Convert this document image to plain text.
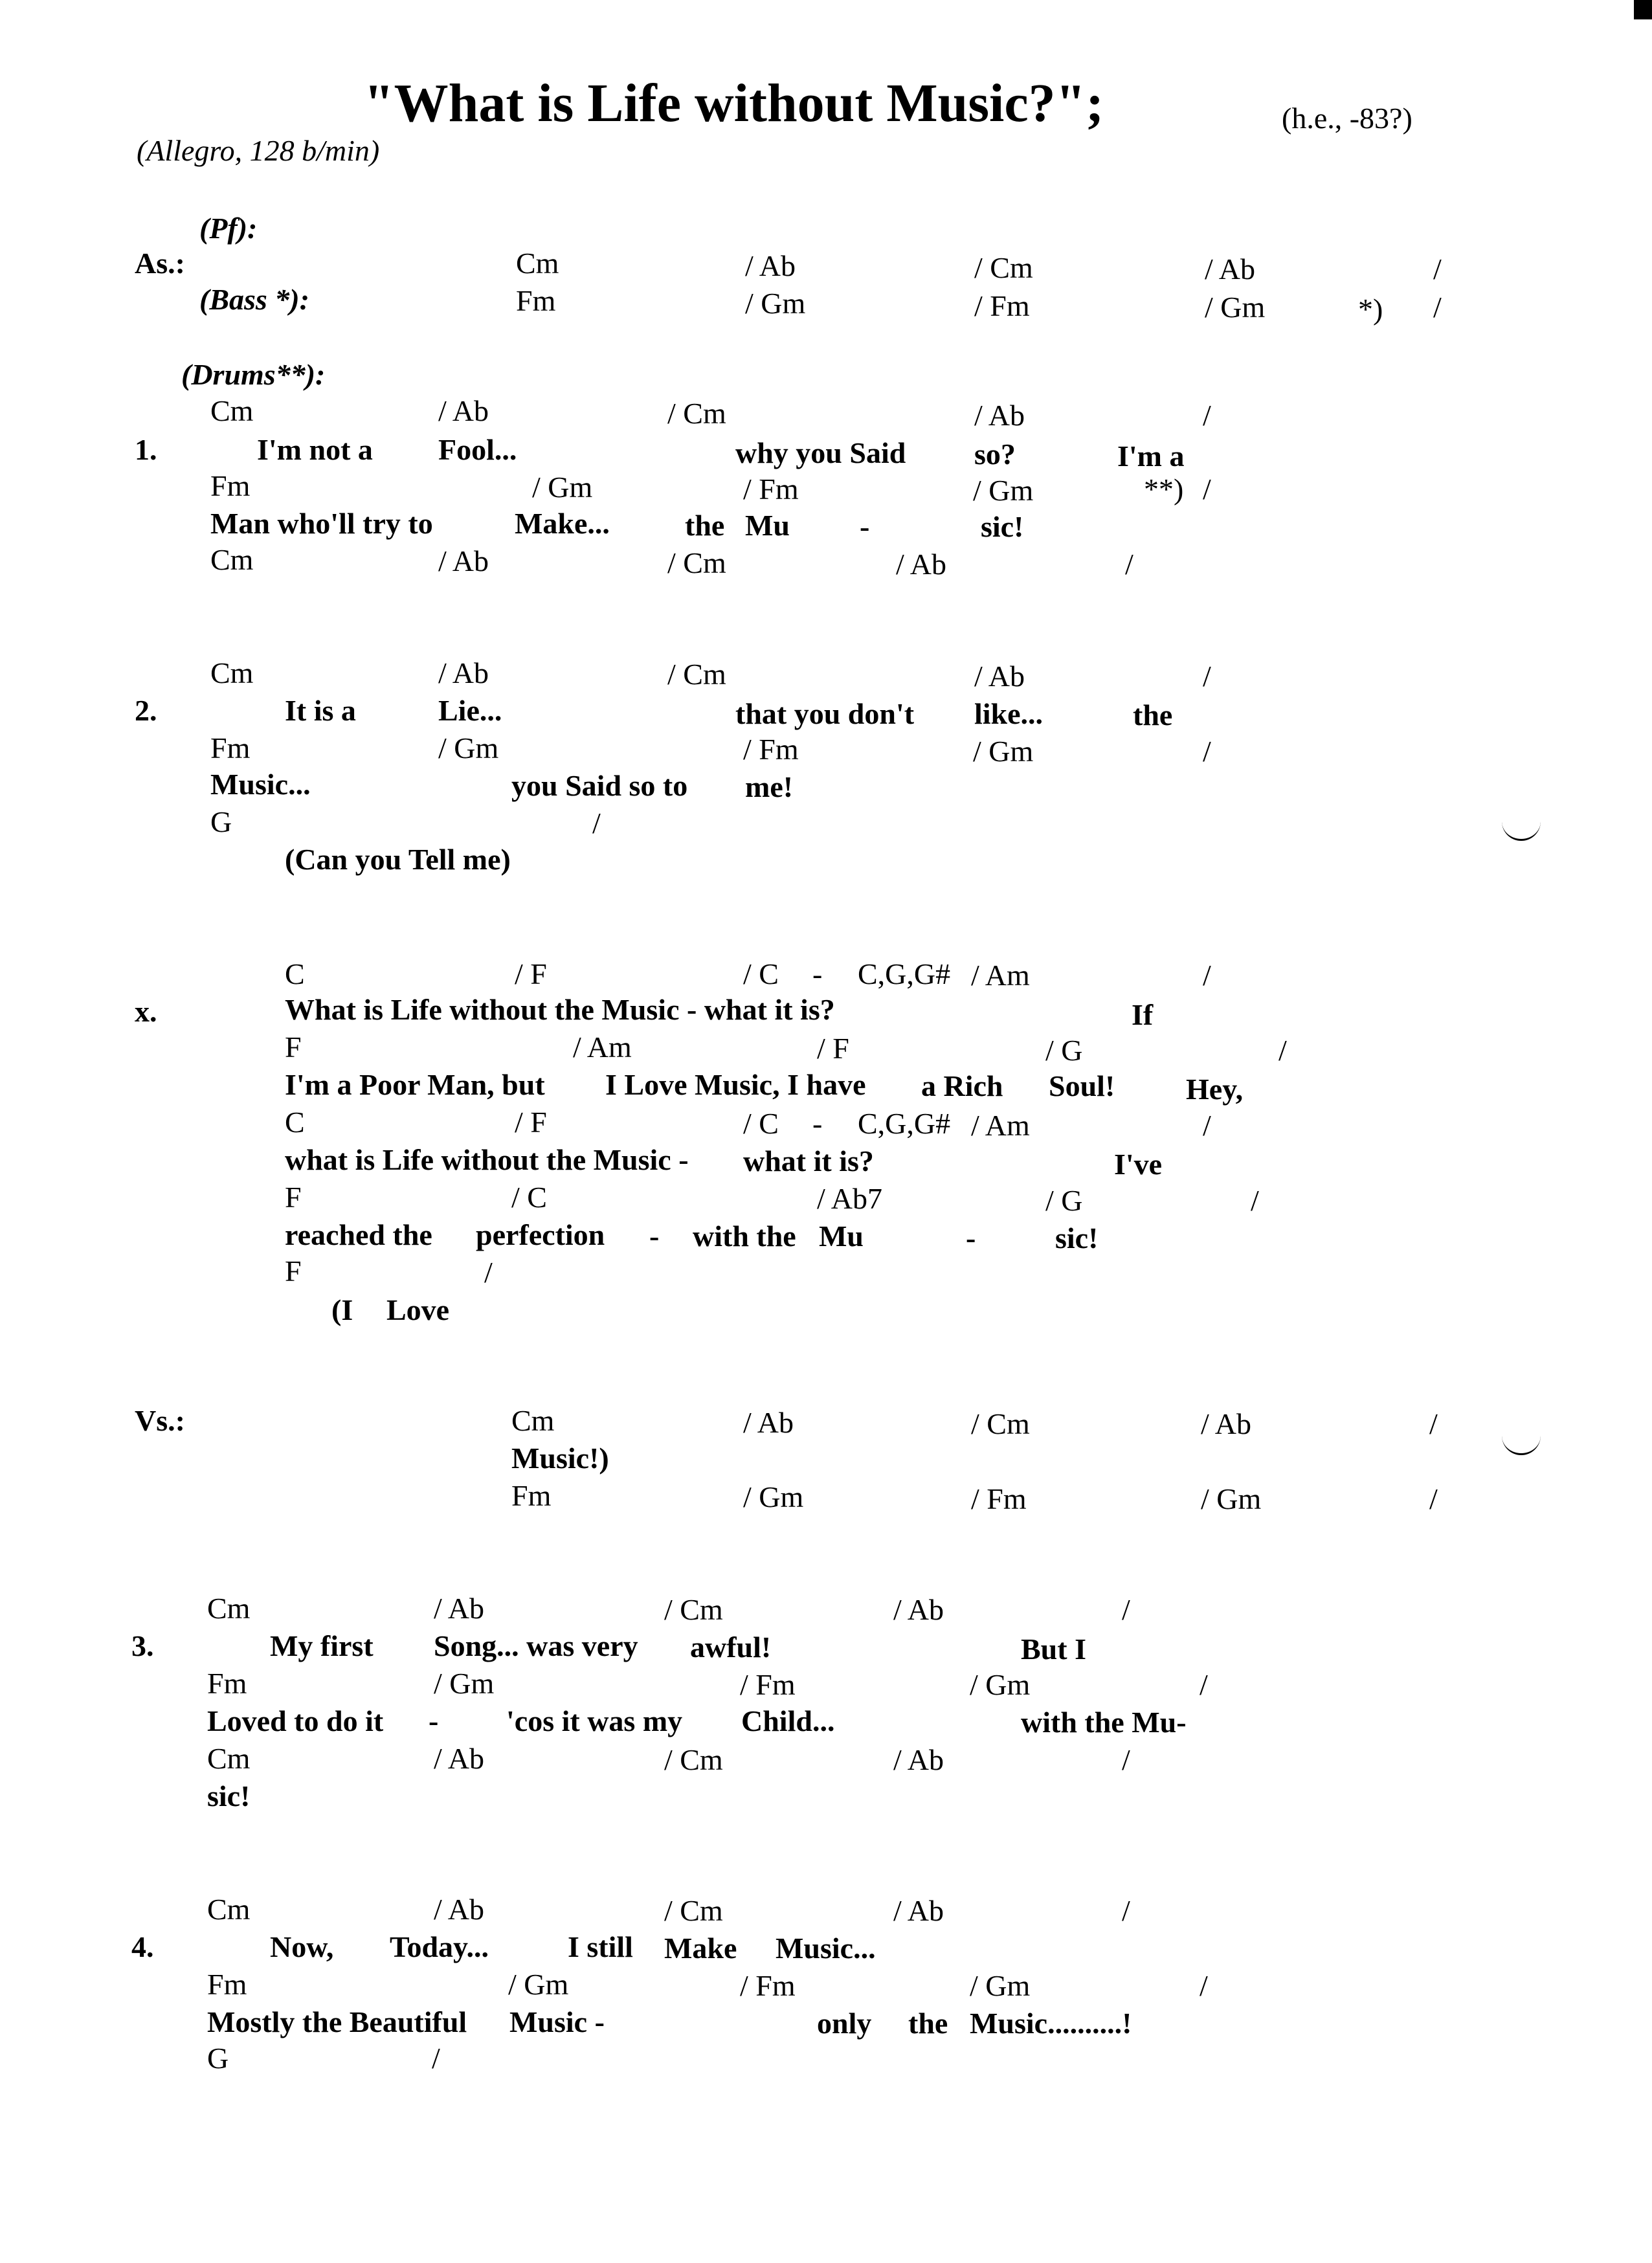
"What is Life without Music?";
(Allegro, 128 b/min)
(h.e., -83?)
(Pf):
As.:	Cm	/ Ab	/ Cm	/ Ab	/
(Bass *):	Fm	/ Gm	/ Fm	/ Gm	*) /
(Drums**):
Cm	/ Ab	/ Cm	/ Ab	/
1.	I'm not a Fool...	why you Said so?	I'm a
Fm	/ Gm	/ Fm	/ Gm	**) /
Man who'll try to	Make...	the Mu -	sic!
Cm	/ Ab	/ Cm	/ Ab	/
Cm	/ Ab	/ Cm	/ Ab	/
2.	It is a	Lie...	that you don't like...	the
Fm	/ Gm	/ Fm	/ Gm	/
Music...	you Said so to me!
G	/
(Can you Tell me)
C	/ F	/ C - C,G,G# / Am	/
x.	What is Life without the Music - what it is?	If
F	/ Am	/ F	/ G	/
I'm a Poor Man, but I Love Music, I have a Rich Soul! Hey,
C	/ F	/ C - C,G,G# / Am	/
what is Life without the Music - what it is?	I've
F	/ C	/ Ab7	/ G	/
reached the perfection - with the Mu	-	sic!
F	/
(I Love
Vs.:	Cm	/ Ab	/ Cm	/ Ab	/
Music!)
Fm	/ Gm	/ Fm	/ Gm	/
Cm	/ Ab	/ Cm	/ Ab	/
3.	My first Song... was very awful!	But I
Fm	/ Gm	/ Fm	/ Gm	/
Loved to do it - 'cos it was my Child...	with the Mu-
Cm	/ Ab	/ Cm	/ Ab	/
sic!
Cm	/ Ab	/ Cm	/ Ab	/
4.	Now, Today...	I still Make Music...
Fm	/ Gm	/ Fm	/ Gm	/
Mostly the Beautiful Music -	only the Music..........!
G	/
